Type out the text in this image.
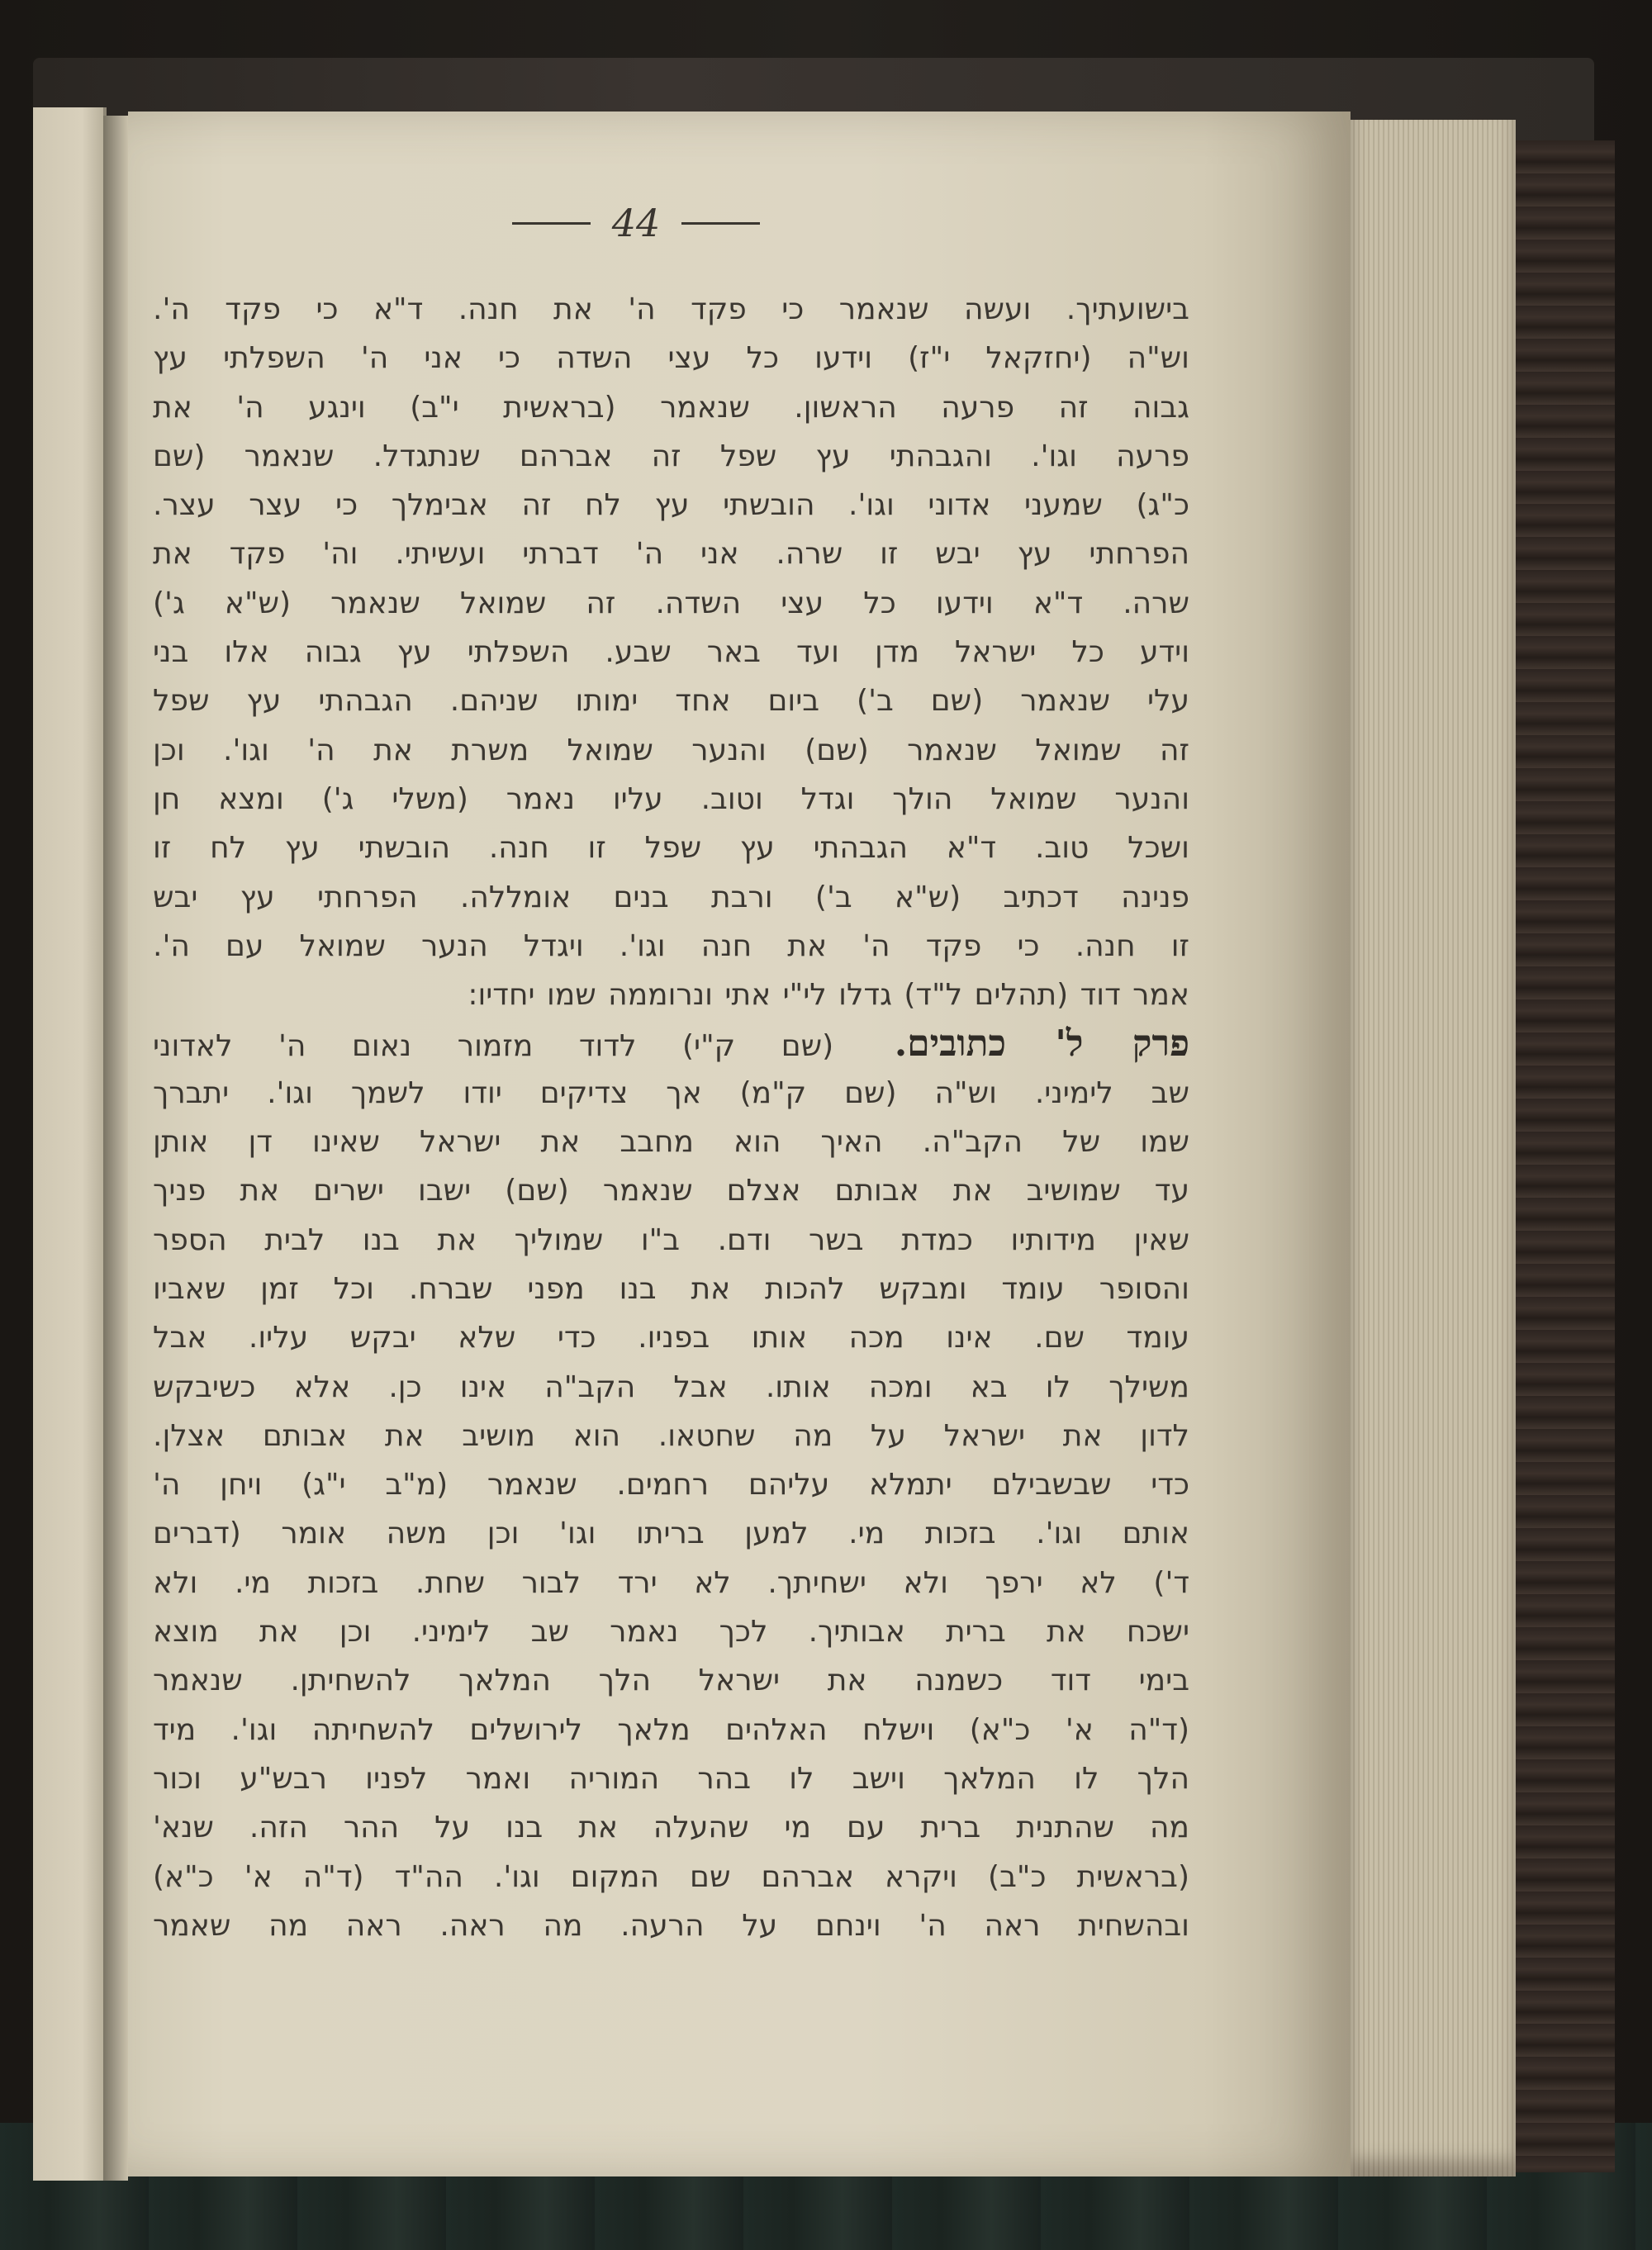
44
בישועתיך. ועשה שנאמר כי פקד ה' את חנה. ד"א כי פקד ה'.
וש"ה (יחזקאל י"ז) וידעו כל עצי השדה כי אני ה' השפלתי עץ
גבוה זה פרעה הראשון. שנאמר (בראשית י"ב) וינגע ה' את
פרעה וגו'. והגבהתי עץ שפל זה אברהם שנתגדל. שנאמר (שם
כ"ג) שמעני אדוני וגו'. הובשתי עץ לח זה אבימלך כי עצר עצר.
הפרחתי עץ יבש זו שרה. אני ה' דברתי ועשיתי. וה' פקד את
שרה. ד"א וידעו כל עצי השדה. זה שמואל שנאמר (ש"א ג')
וידע כל ישראל מדן ועד באר שבע. השפלתי עץ גבוה אלו בני
עלי שנאמר (שם ב') ביום אחד ימותו שניהם. הגבהתי עץ שפל
זה שמואל שנאמר (שם) והנער שמואל משרת את ה' וגו'. וכן
והנער שמואל הולך וגדל וטוב. עליו נאמר (משלי ג') ומצא חן
ושכל טוב. ד"א הגבהתי עץ שפל זו חנה. הובשתי עץ לח זו
פנינה דכתיב (ש"א ב') ורבת בנים אומללה. הפרחתי עץ יבש
זו חנה. כי פקד ה' את חנה וגו'. ויגדל הנער שמואל עם ה'.
אמר דוד (תהלים ל"ד) גדלו לי"י אתי ונרוממה שמו יחדיו:
פרק ל' כתובים. (שם ק"י) לדוד מזמור נאום ה' לאדוני
שב לימיני. וש"ה (שם ק"מ) אך צדיקים יודו לשמך וגו'. יתברך
שמו של הקב"ה. האיך הוא מחבב את ישראל שאינו דן אותן
עד שמושיב את אבותם אצלם שנאמר (שם) ישבו ישרים את פניך
שאין מידותיו כמדת בשר ודם. ב"ו שמוליך את בנו לבית הספר
והסופר עומד ומבקש להכות את בנו מפני שברח. וכל זמן שאביו
עומד שם. אינו מכה אותו בפניו. כדי שלא יבקש עליו. אבל
משילך לו בא ומכה אותו. אבל הקב"ה אינו כן. אלא כשיבקש
לדון את ישראל על מה שחטאו. הוא מושיב את אבותם אצלן.
כדי שבשבילם יתמלא עליהם רחמים. שנאמר (מ"ב י"ג) ויחן ה'
אותם וגו'. בזכות מי. למען בריתו וגו' וכן משה אומר (דברים
ד') לא ירפך ולא ישחיתך. לא ירד לבור שחת. בזכות מי. ולא
ישכח את ברית אבותיך. לכך נאמר שב לימיני. וכן את מוצא
בימי דוד כשמנה את ישראל הלך המלאך להשחיתן. שנאמר
(ד"ה א' כ"א) וישלח האלהים מלאך לירושלים להשחיתה וגו'. מיד
הלך לו המלאך וישב לו בהר המוריה ואמר לפניו רבש"ע וכור
מה שהתנית ברית עם מי שהעלה את בנו על ההר הזה. שנא'
(בראשית כ"ב) ויקרא אברהם שם המקום וגו'. הה"ד (ד"ה א' כ"א)
ובהשחית ראה ה' וינחם על הרעה. מה ראה. ראה מה שאמר
